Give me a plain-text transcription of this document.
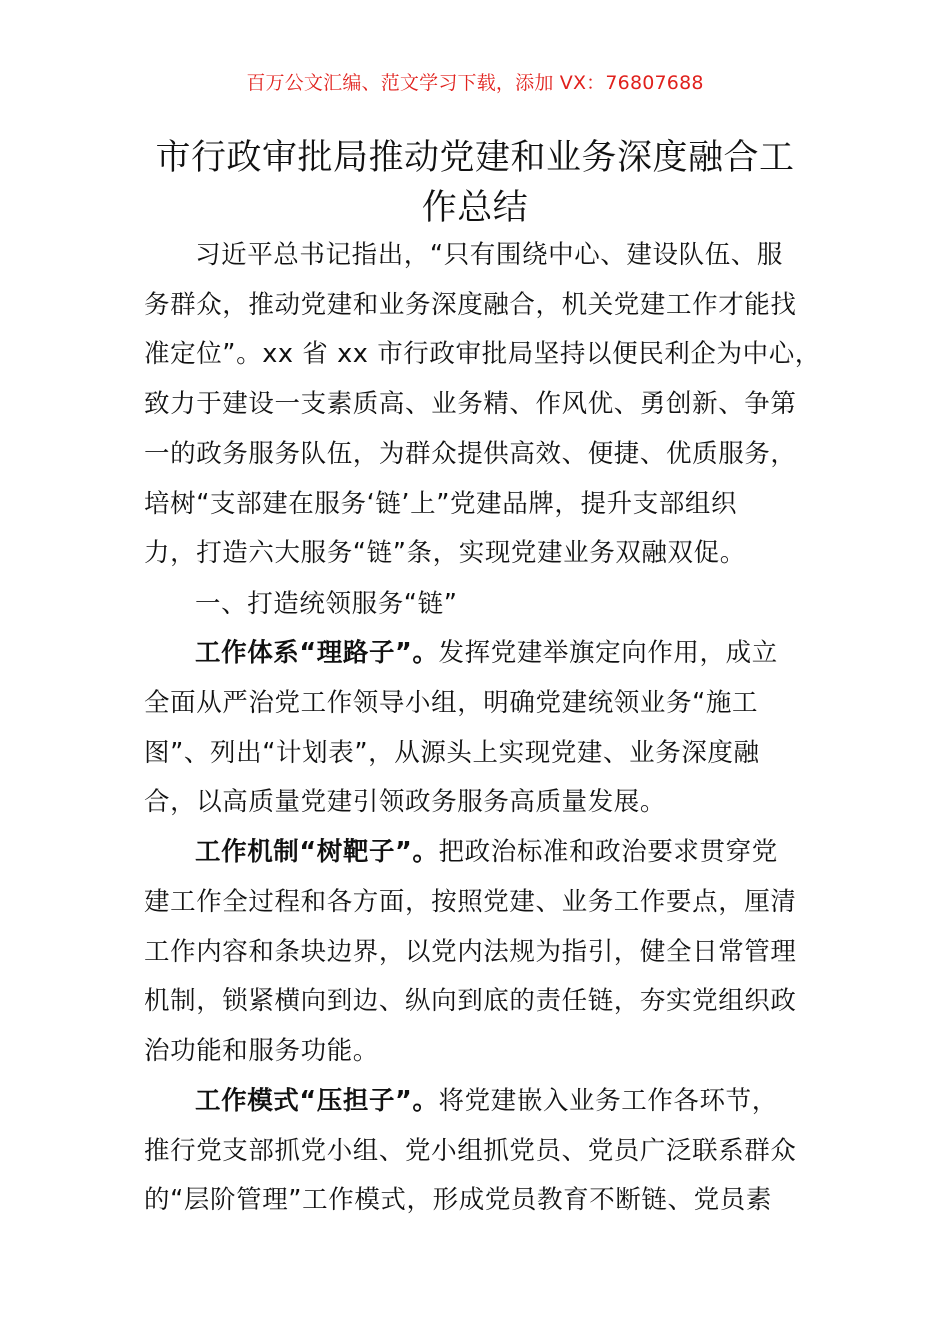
百万公文汇编、范文学习下载，添加 VX：76807688
市行政审批局推动党建和业务深度融合工
作总结
习近平总书记指出，“只有围绕中心、建设队伍、服
务群众，推动党建和业务深度融合，机关党建工作才能找
准定位”。xx 省 xx 市行政审批局坚持以便民利企为中心，
致力于建设一支素质高、业务精、作风优、勇创新、争第
一的政务服务队伍，为群众提供高效、便捷、优质服务，
培树“支部建在服务‘链’上”党建品牌，提升支部组织
力，打造六大服务“链”条，实现党建业务双融双促。
一、打造统领服务“链”
工作体系“理路子”。发挥党建举旗定向作用，成立
全面从严治党工作领导小组，明确党建统领业务“施工
图”、列出“计划表”，从源头上实现党建、业务深度融
合，以高质量党建引领政务服务高质量发展。
工作机制“树靶子”。把政治标准和政治要求贯穿党
建工作全过程和各方面，按照党建、业务工作要点，厘清
工作内容和条块边界，以党内法规为指引，健全日常管理
机制，锁紧横向到边、纵向到底的责任链，夯实党组织政
治功能和服务功能。
工作模式“压担子”。将党建嵌入业务工作各环节，
推行党支部抓党小组、党小组抓党员、党员广泛联系群众
的“层阶管理”工作模式，形成党员教育不断链、党员素
